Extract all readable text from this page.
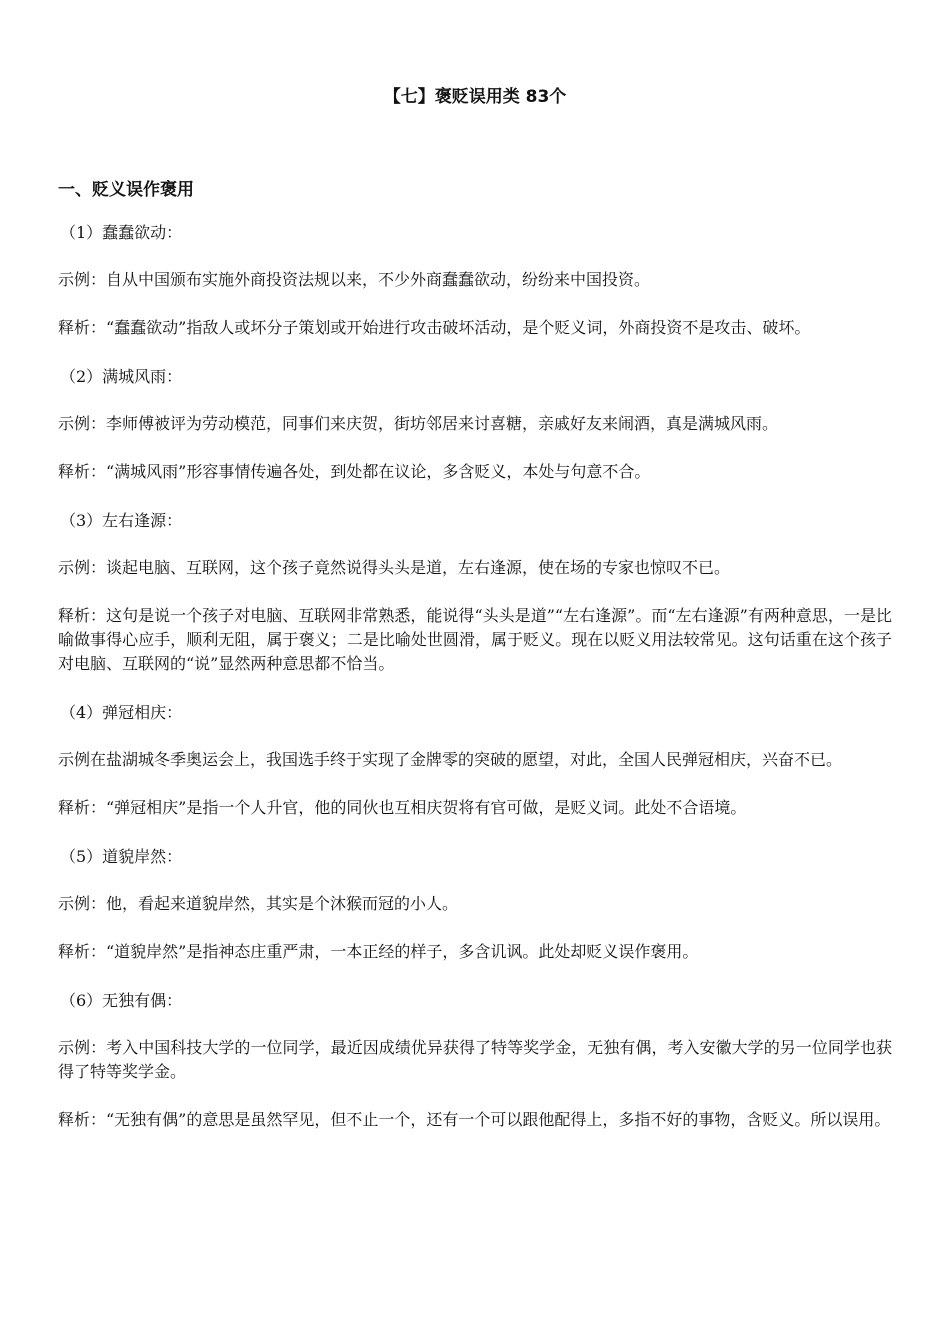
【七】褒贬误用类 83个
一、贬义误作褒用

（1）蠢蠢欲动：

示例：自从中国颁布实施外商投资法规以来，不少外商蠢蠢欲动，纷纷来中国投资。

释析：“蠢蠢欲动”指敌人或坏分子策划或开始进行攻击破坏活动，是个贬义词，外商投资不是攻击、破坏。

（2）满城风雨：

示例：李师傅被评为劳动模范，同事们来庆贺，街坊邻居来讨喜糖，亲戚好友来闹酒，真是满城风雨。

释析：“满城风雨”形容事情传遍各处，到处都在议论，多含贬义，本处与句意不合。

（3）左右逢源：

示例：谈起电脑、互联网，这个孩子竟然说得头头是道，左右逢源，使在场的专家也惊叹不已。

释析：这句是说一个孩子对电脑、互联网非常熟悉，能说得“头头是道”“左右逢源”。而“左右逢源”有两种意思，一是比喻做事得心应手，顺利无阻，属于褒义；二是比喻处世圆滑，属于贬义。现在以贬义用法较常见。这句话重在这个孩子对电脑、互联网的“说”显然两种意思都不恰当。

（4）弹冠相庆：

示例在盐湖城冬季奥运会上，我国选手终于实现了金牌零的突破的愿望，对此，全国人民弹冠相庆，兴奋不已。

释析：“弹冠相庆”是指一个人升官，他的同伙也互相庆贺将有官可做，是贬义词。此处不合语境。

（5）道貌岸然：

示例：他，看起来道貌岸然，其实是个沐猴而冠的小人。

释析：“道貌岸然”是指神态庄重严肃，一本正经的样子，多含讥讽。此处却贬义误作褒用。

（6）无独有偶：

示例：考入中国科技大学的一位同学，最近因成绩优异获得了特等奖学金，无独有偶，考入安徽大学的另一位同学也获得了特等奖学金。

释析：“无独有偶”的意思是虽然罕见，但不止一个，还有一个可以跟他配得上，多指不好的事物，含贬义。所以误用。
